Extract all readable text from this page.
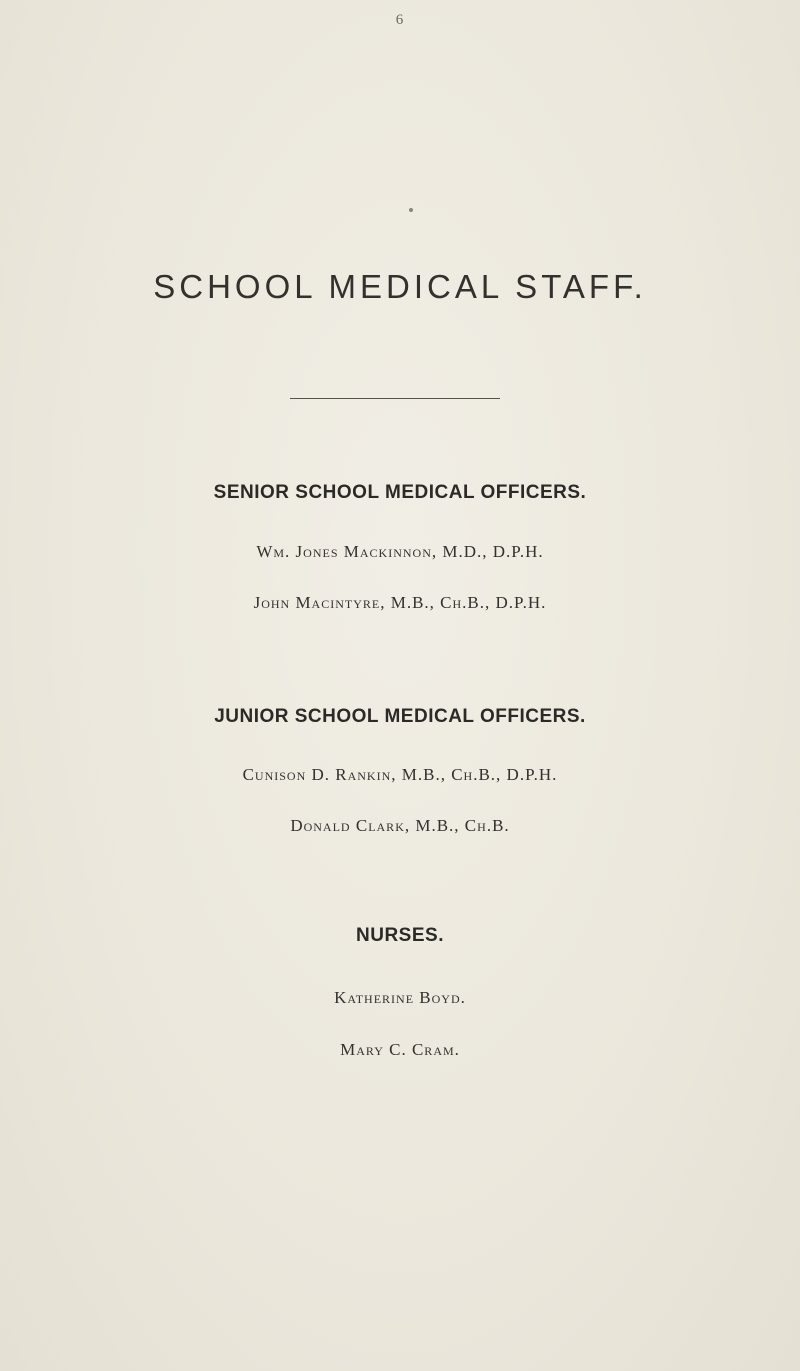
6
SCHOOL MEDICAL STAFF.
SENIOR SCHOOL MEDICAL OFFICERS.
Wm. Jones Mackinnon, M.D., D.P.H.
John Macintyre, M.B., Ch.B., D.P.H.
JUNIOR SCHOOL MEDICAL OFFICERS.
Cunison D. Rankin, M.B., Ch.B., D.P.H.
Donald Clark, M.B., Ch.B.
NURSES.
Katherine Boyd.
Mary C. Cram.
